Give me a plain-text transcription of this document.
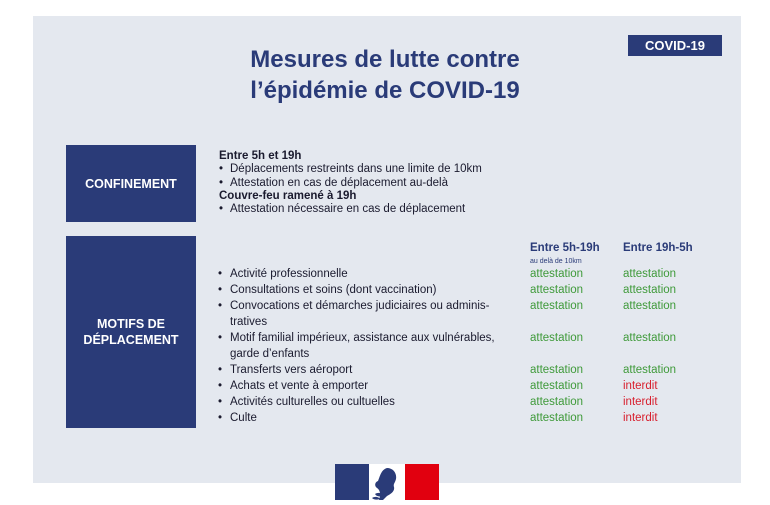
COVID-19
Mesures de lutte contre
l’épidémie de COVID-19
CONFINEMENT
Entre 5h et 19h
• Déplacements restreints dans une limite de 10km
• Attestation en cas de déplacement au-delà
Couvre-feu ramené à 19h
• Attestation nécessaire en cas de déplacement
MOTIFS DE
DÉPLACEMENT
Entre 5h-19h
au delà de 10km
Entre 19h-5h
• Activité professionnelle	attestation	attestation
• Consultations et soins (dont vaccination)	attestation	attestation
• Convocations et démarches judiciaires ou adminis- tratives
attestation	attestation
• Motif familial impérieux, assistance aux vulnérables, garde d’enfants
attestation	attestation
• Transferts vers aéroport	attestation	attestation
• Achats et vente à emporter	attestation	interdit
• Activités culturelles ou cultuelles	attestation	interdit
• Culte	attestation	interdit
